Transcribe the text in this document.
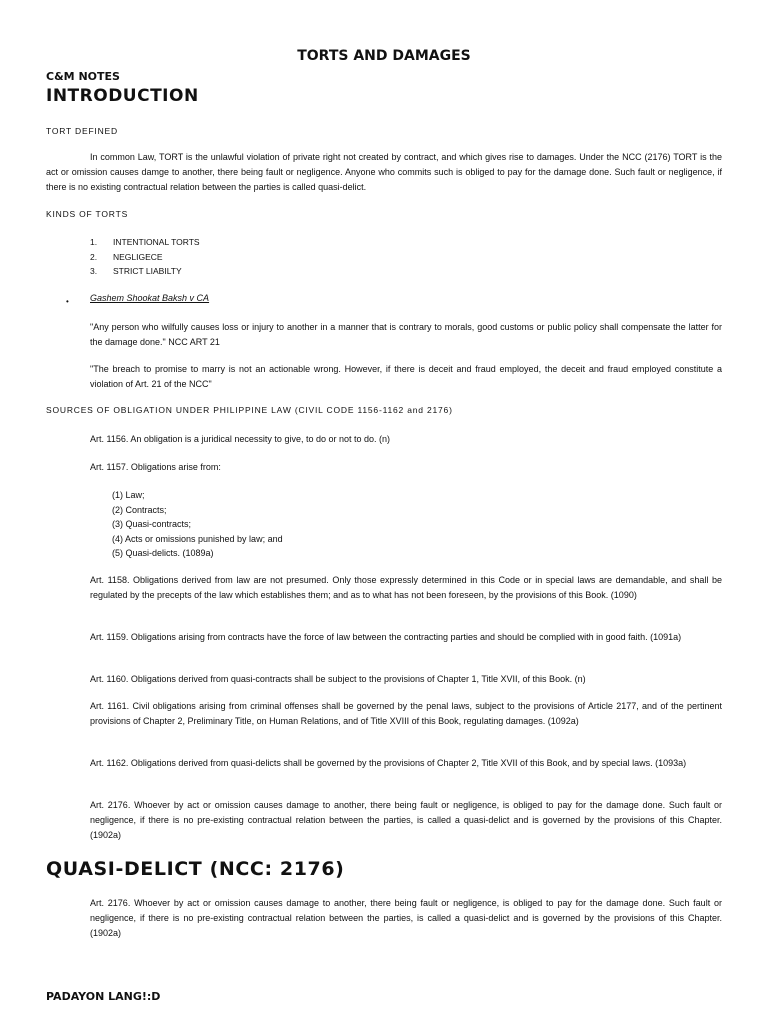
TORTS AND DAMAGES
C&M NOTES
INTRODUCTION
TORT DEFINED
In common Law, TORT is the unlawful violation of private right not created by contract, and which gives rise to damages. Under the NCC (2176) TORT is the act or omission causes damge to another, there being fault or negligence. Anyone who commits such is obliged to pay for the damage done. Such fault or negligence, if there is no existing contractual relation between the parties is called quasi-delict.
KINDS OF TORTS
1.	INTENTIONAL TORTS
2.	NEGLIGECE
3.	STRICT LIABILTY
• Gashem Shookat Baksh v CA
"Any person who wilfully causes loss or injury to another in a manner that is contrary to morals, good customs or public policy shall compensate the latter for the damage done." NCC ART 21
"The breach to promise to marry is not an actionable wrong. However, if there is deceit and fraud employed, the deceit and fraud employed constitute a violation of Art. 21 of the NCC"
SOURCES OF OBLIGATION UNDER PHILIPPINE LAW (CIVIL CODE 1156-1162 and 2176)
Art. 1156. An obligation is a juridical necessity to give, to do or not to do. (n)
Art. 1157. Obligations arise from:
(1) Law;
(2) Contracts;
(3) Quasi-contracts;
(4) Acts or omissions punished by law; and
(5) Quasi-delicts. (1089a)
Art. 1158. Obligations derived from law are not presumed. Only those expressly determined in this Code or in special laws are demandable, and shall be regulated by the precepts of the law which establishes them; and as to what has not been foreseen, by the provisions of this Book. (1090)
Art. 1159. Obligations arising from contracts have the force of law between the contracting parties and should be complied with in good faith. (1091a)
Art. 1160. Obligations derived from quasi-contracts shall be subject to the provisions of Chapter 1, Title XVII, of this Book. (n)
Art. 1161. Civil obligations arising from criminal offenses shall be governed by the penal laws, subject to the provisions of Article 2177, and of the pertinent provisions of Chapter 2, Preliminary Title, on Human Relations, and of Title XVIII of this Book, regulating damages. (1092a)
Art. 1162. Obligations derived from quasi-delicts shall be governed by the provisions of Chapter 2, Title XVII of this Book, and by special laws. (1093a)
Art. 2176. Whoever by act or omission causes damage to another, there being fault or negligence, is obliged to pay for the damage done. Such fault or negligence, if there is no pre-existing contractual relation between the parties, is called a quasi-delict and is governed by the provisions of this Chapter. (1902a)
QUASI-DELICT (NCC: 2176)
Art. 2176. Whoever by act or omission causes damage to another, there being fault or negligence, is obliged to pay for the damage done. Such fault or negligence, if there is no pre-existing contractual relation between the parties, is called a quasi-delict and is governed by the provisions of this Chapter. (1902a)
PADAYON LANG!:D
